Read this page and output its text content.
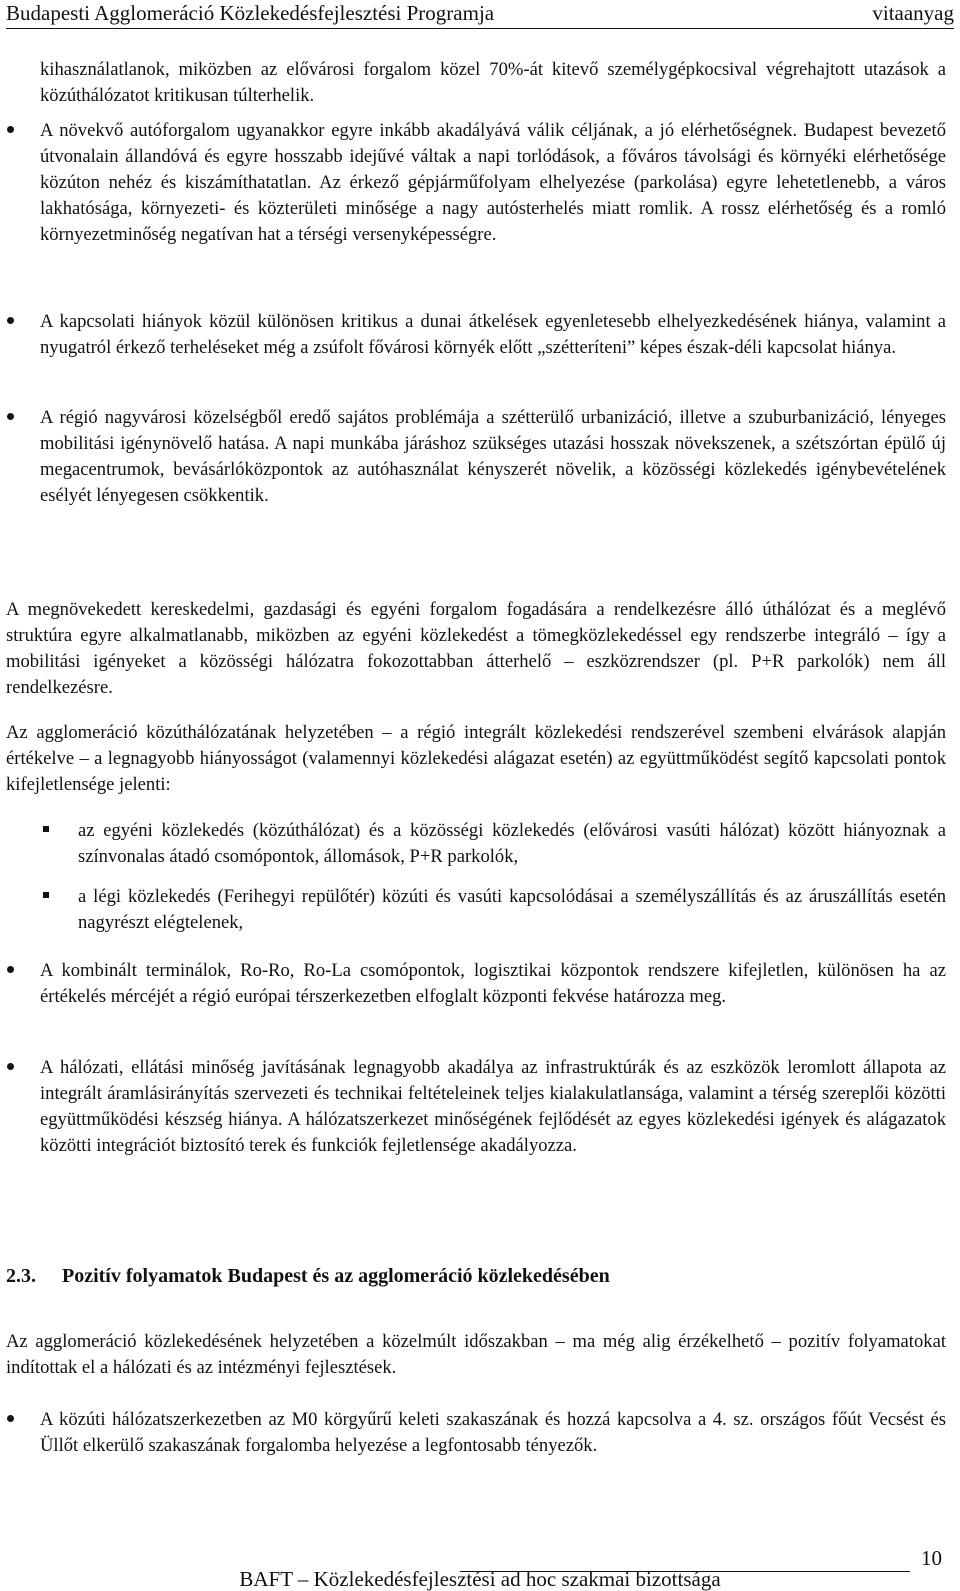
Budapesti Agglomeráció Közlekedésfejlesztési Programja	vitaanyag

kihasználatlanok, miközben az elővárosi forgalom közel 70%-át kitevő személygépkocsival végrehajtott utazások a közúthálózatot kritikusan túlterhelik.

A növekvő autóforgalom ugyanakkor egyre inkább akadályává válik céljának, a jó elérhetőségnek. Budapest bevezető útvonalain állandóvá és egyre hosszabb idejűvé váltak a napi torlódások, a főváros távolsági és környéki elérhetősége közúton nehéz és kiszámíthatatlan. Az érkező gépjárműfolyam elhelyezése (parkolása) egyre lehetetlenebb, a város lakhatósága, környezeti- és közterületi minősége a nagy autósterhelés miatt romlik. A rossz elérhetőség és a romló környezetminőség negatívan hat a térségi versenyképességre.

A kapcsolati hiányok közül különösen kritikus a dunai átkelések egyenletesebb elhelyezkedésének hiánya, valamint a nyugatról érkező terheléseket még a zsúfolt fővárosi környék előtt „szétteríteni” képes észak-déli kapcsolat hiánya.

A régió nagyvárosi közelségből eredő sajátos problémája a szétterülő urbanizáció, illetve a szuburbanizáció, lényeges mobilitási igénynövelő hatása. A napi munkába járáshoz szükséges utazási hosszak növekszenek, a szétszórtan épülő új megacentrumok, bevásárlóközpontok az autóhasználat kényszerét növelik, a közösségi közlekedés igénybevételének esélyét lényegesen csökkentik.

A megnövekedett kereskedelmi, gazdasági és egyéni forgalom fogadására a rendelkezésre álló úthálózat és a meglévő struktúra egyre alkalmatlanabb, miközben az egyéni közlekedést a tömegközlekedéssel egy rendszerbe integráló – így a mobilitási igényeket a közösségi hálózatra fokozottabban átterhelő – eszközrendszer (pl. P+R parkolók) nem áll rendelkezésre.

Az agglomeráció közúthálózatának helyzetében – a régió integrált közlekedési rendszerével szembeni elvárások alapján értékelve – a legnagyobb hiányosságot (valamennyi közlekedési alágazat esetén) az együttműködést segítő kapcsolati pontok kifejletlensége jelenti:

az egyéni közlekedés (közúthálózat) és a közösségi közlekedés (elővárosi vasúti hálózat) között hiányoznak a színvonalas átadó csomópontok, állomások, P+R parkolók,

a légi közlekedés (Ferihegyi repülőtér) közúti és vasúti kapcsolódásai a személyszállítás és az áruszállítás esetén nagyrészt elégtelenek,

A kombinált terminálok, Ro-Ro, Ro-La csomópontok, logisztikai központok rendszere kifejletlen, különösen ha az értékelés mércéjét a régió európai térszerkezetben elfoglalt központi fekvése határozza meg.

A hálózati, ellátási minőség javításának legnagyobb akadálya az infrastruktúrák és az eszközök leromlott állapota az integrált áramlásirányítás szervezeti és technikai feltételeinek teljes kialakulatlansága, valamint a térség szereplői közötti együttműködési készség hiánya. A hálózatszerkezet minőségének fejlődését az egyes közlekedési igények és alágazatok közötti integrációt biztosító terek és funkciók fejletlensége akadályozza.

2.3. Pozitív folyamatok Budapest és az agglomeráció közlekedésében

Az agglomeráció közlekedésének helyzetében a közelmúlt időszakban – ma még alig érzékelhető – pozitív folyamatokat indítottak el a hálózati és az intézményi fejlesztések.

A közúti hálózatszerkezetben az M0 körgyűrű keleti szakaszának és hozzá kapcsolva a 4. sz. országos főút Vecsést és Üllőt elkerülő szakaszának forgalomba helyezése a legfontosabb tényezők.

10
BAFT – Közlekedésfejlesztési ad hoc szakmai bizottsága
